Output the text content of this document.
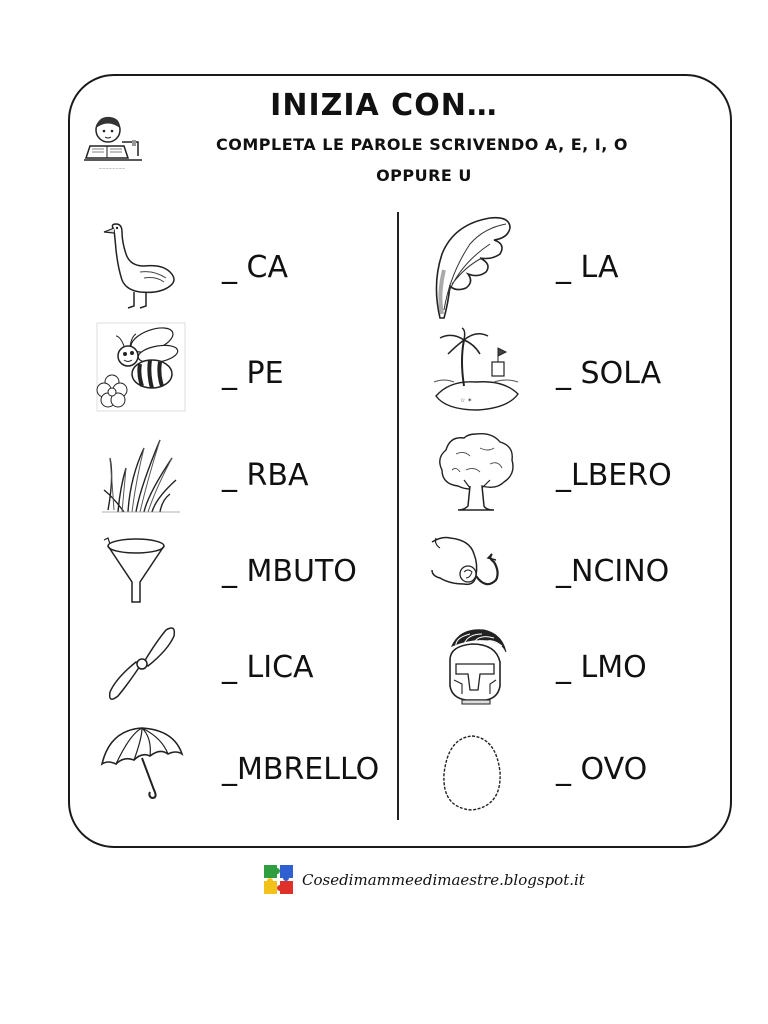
~~~~~~~~
INIZIA CON…
COMPLETA LE PAROLE SCRIVENDO A, E, I, O
OPPURE U
☆ ✶
_ CA
_ PE
_ RBA
_ MBUTO
_ LICA
_MBRELLO
_ LA
_ SOLA
_LBERO
_NCINO
_ LMO
_ OVO
Cosedimammeedimaestre.blogspot.it
